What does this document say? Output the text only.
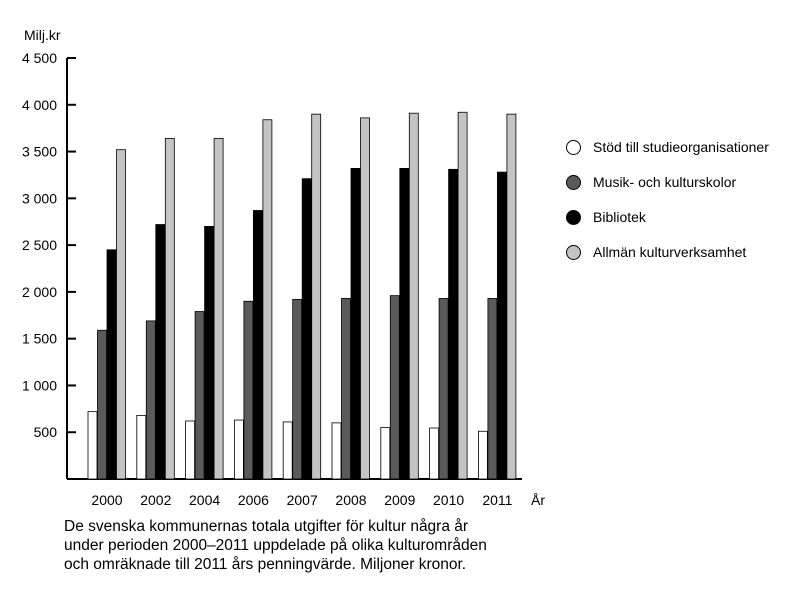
Milj.kr
500
1 000
1 500
2 000
2 500
3 000
3 500
4 000
4 500
2000 2002 2004 2006 2007 2008 2009 2010 2011 År
Stöd till studieorganisationer
Musik- och kulturskolor
Bibliotek
Allmän kulturverksamhet
De svenska kommunernas totala utgifter för kultur några år
under perioden 2000–2011 uppdelade på olika kulturområden
och omräknade till 2011 års penningvärde. Miljoner kronor.
